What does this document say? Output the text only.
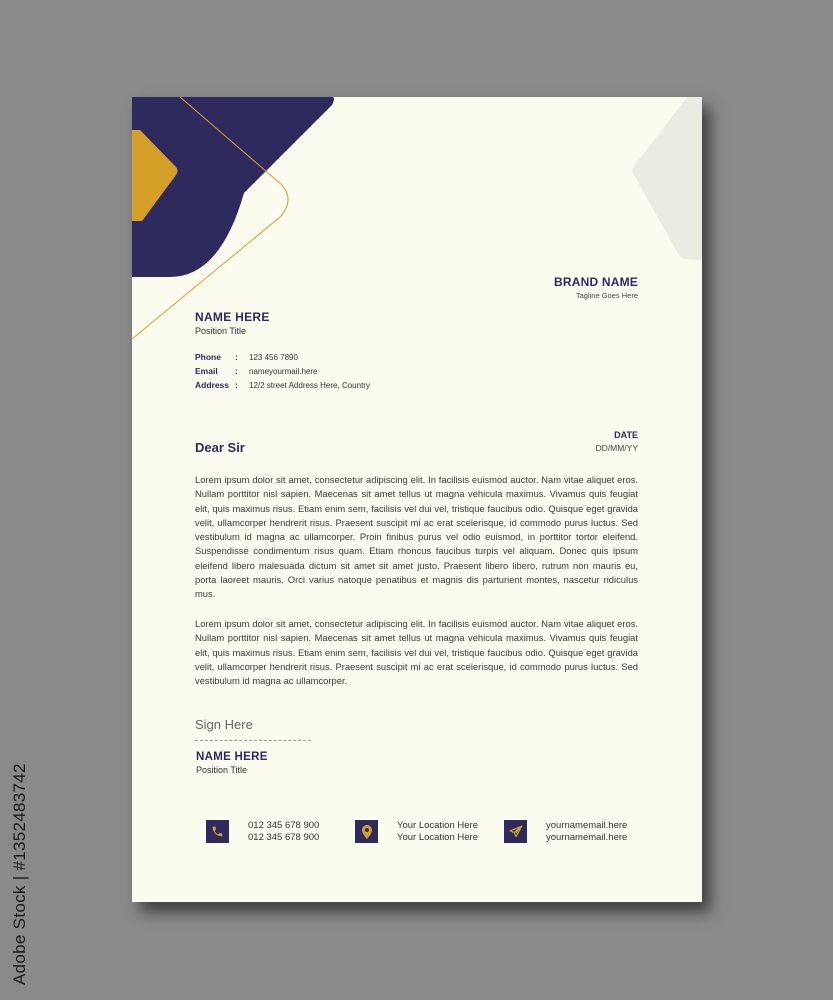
BRAND NAME
Tagline Goes Here
NAME HERE
Position Title
Phone	:	123 456 7890
Email	:	nameyourmail.here
Address :	12/2 street Address Here, Country
DATE
DD/MM/YY
Dear Sir
Lorem ipsum dolor sit amet, consectetur adipiscing elit. In facilisis euismod auctor. Nam vitae aliquet eros. Nullam porttitor nisl sapien. Maecenas sit amet tellus ut magna vehicula maximus. Vivamus quis feugiat elit, quis maximus risus. Etiam enim sem, facilisis vel dui vel, tristique faucibus odio. Quisque eget gravida velit, ullamcorper hendrerit risus. Praesent suscipit mi ac erat scelerisque, id commodo purus luctus. Sed vestibulum id magna ac ullamcorper. Proin finibus purus vel odio euismod, in porttitor tortor eleifend. Suspendisse condimentum risus quam. Etiam rhoncus faucibus turpis vel aliquam. Donec quis ipsum eleifend libero malesuada dictum sit amet sit amet justo. Praesent libero libero, rutrum non mauris eu, porta laoreet mauris. Orci varius natoque penatibus et magnis dis parturient montes, nascetur ridiculus mus.
Lorem ipsum dolor sit amet, consectetur adipiscing elit. In facilisis euismod auctor. Nam vitae aliquet eros. Nullam porttitor nisl sapien. Maecenas sit amet tellus ut magna vehicula maximus. Vivamus quis feugiat elit, quis maximus risus. Etiam enim sem, facilisis vel dui vel, tristique faucibus odio. Quisque eget gravida velit, ullamcorper hendrerit risus. Praesent suscipit mi ac erat scelerisque, id commodo purus luctus. Sed vestibulum id magna ac ullamcorper.
Sign Here
NAME HERE
Position Title
012 345 678 900
012 345 678 900
Your Location Here
Your Location Here
yournamemail.here
yournamemail.here
Adobe Stock | #1352483742
